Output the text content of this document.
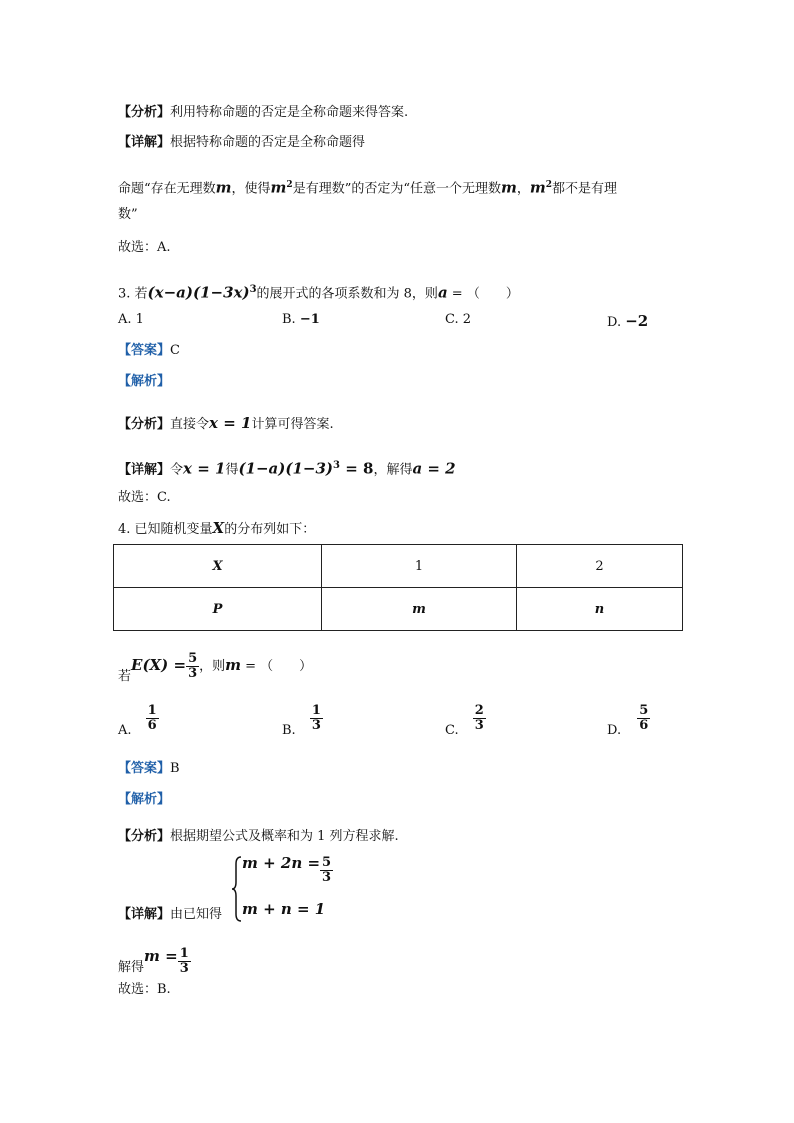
【分析】利用特称命题的否定是全称命题来得答案.
【详解】根据特称命题的否定是全称命题得
命题“存在无理数m，使得$m^2$是有理数”的否定为“任意一个无理数m，$m^2$都不是有理
数”
故选：A.
3. 若$(x-a)(1-3x)^3$的展开式的各项系数和为 8，则a = （　　）
A. 1	B. −1	C. 2	D. −2
【答案】C
【解析】
【分析】直接令x = 1计算可得答案.
【详解】令x = 1得$(1-a)(1-3)^3 = 8$，解得a = 2
故选：C.
4. 已知随机变量X的分布列如下：
X	1	2
P	m	n
若$E(X) = \frac{5}{3}$ ，则m = （　　）
A. $\frac{1}{6}$	B. $\frac{1}{3}$	C. $\frac{2}{3}$	D. $\frac{5}{6}$
【答案】B
【解析】
【分析】根据期望公式及概率和为 1 列方程求解.
【详解】由已知得
$m + 2n = \frac{5}{3}$
m + n = 1
解得$m = \frac{1}{3}$
故选：B.
